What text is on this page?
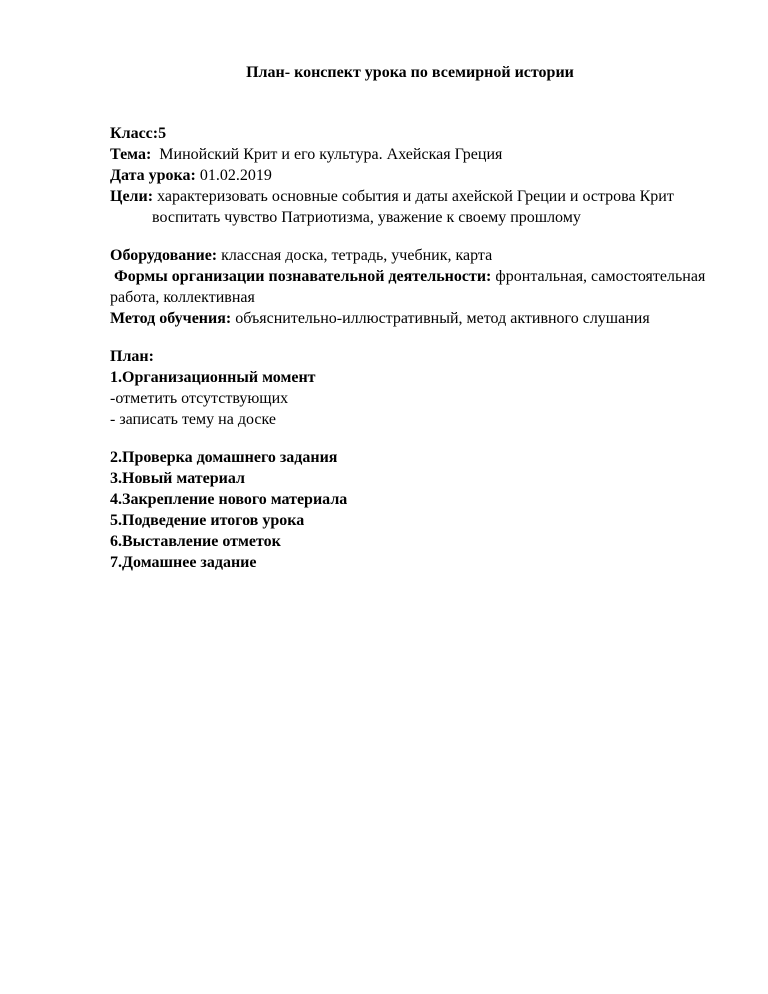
План- конспект урока по всемирной истории

Класс:5

Тема:  Минойский Крит и его культура. Ахейская Греция

Дата урока: 01.02.2019

Цели: характеризовать основные события и даты ахейской Греции и острова Крит

воспитать чувство Патриотизма, уважение к своему прошлому

Оборудование: классная доска, тетрадь, учебник, карта

Формы организации познавательной деятельности: фронтальная, самостоятельная работа, коллективная

Метод обучения: объяснительно-иллюстративный, метод активного слушания

План:

1.Организационный момент

-отметить отсутствующих

- записать тему на доске

2.Проверка домашнего задания

3.Новый материал

4.Закрепление нового материала

5.Подведение итогов урока

6.Выставление отметок

7.Домашнее задание
